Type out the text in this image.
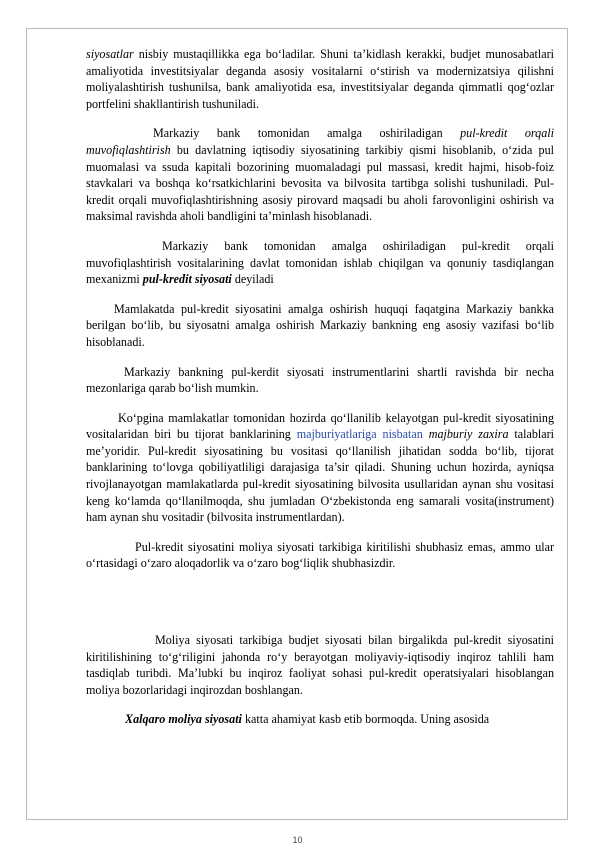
siyosatlar nisbiy mustaqillikka ega bo‘ladilar. Shuni ta’kidlash kerakki, budjet munosabatlari amaliyotida investitsiyalar deganda asosiy vositalarni o‘stirish va modernizatsiya qilishni moliyalashtirish tushunilsa, bank amaliyotida esa, investitsiyalar deganda qimmatli qog‘ozlar portfelini shakllantirish tushuniladi.

Markaziy bank tomonidan amalga oshiriladigan pul-kredit orqali muvofiqlashtirish bu davlatning iqtisodiy siyosatining tarkibiy qismi hisoblanib, o‘zida pul muomalasi va ssuda kapitali bozorining muomaladagi pul massasi, kredit hajmi, hisob-foiz stavkalari va boshqa ko‘rsatkichlarini bevosita va bilvosita tartibga solishi tushuniladi. Pul-kredit orqali muvofiqlashtirishning asosiy pirovard maqsadi bu aholi farovonligini oshirish va maksimal ravishda aholi bandligini ta’minlash hisoblanadi.

Markaziy bank tomonidan amalga oshiriladigan pul-kredit orqali muvofiqlashtirish vositalarining davlat tomonidan ishlab chiqilgan va qonuniy tasdiqlangan mexanizmi pul-kredit siyosati deyiladi

Mamlakatda pul-kredit siyosatini amalga oshirish huquqi faqatgina Markaziy bankka berilgan bo‘lib, bu siyosatni amalga oshirish Markaziy bankning eng asosiy vazifasi bo‘lib hisoblanadi.

Markaziy bankning pul-kerdit siyosati instrumentlarini shartli ravishda bir necha mezonlariga qarab bo‘lish mumkin.

Ko‘pgina mamlakatlar tomonidan hozirda qo‘llanilib kelayotgan pul-kredit siyosatining vositalaridan biri bu tijorat banklarining majburiyatlariga nisbatan majburiy zaxira talablari me’yoridir. Pul-kredit siyosatining bu vositasi qo‘llanilish jihatidan sodda bo‘lib, tijorat banklarining to‘lovga qobiliyatliligi darajasiga ta’sir qiladi. Shuning uchun hozirda, ayniqsa rivojlanayotgan mamlakatlarda pul-kredit siyosatining bilvosita usullaridan aynan shu vositasi keng ko‘lamda qo‘llanilmoqda, shu jumladan O‘zbekistonda eng samarali vosita(instrument) ham aynan shu vositadir (bilvosita instrumentlardan).

Pul-kredit siyosatini moliya siyosati tarkibiga kiritilishi shubhasiz emas, ammo ular o‘rtasidagi o‘zaro aloqadorlik va o‘zaro bog‘liqlik shubhasizdir.

Moliya siyosati tarkibiga budjet siyosati bilan birgalikda pul-kredit siyosatini kiritilishining to‘g‘riligini jahonda ro‘y berayotgan moliyaviy-iqtisodiy inqiroz tahlili ham tasdiqlab turibdi. Ma’lubki bu inqiroz faoliyat sohasi pul-kredit operatsiyalari hisoblangan moliya bozorlaridagi inqirozdan boshlangan.

Xalqaro moliya siyosati katta ahamiyat kasb etib bormoqda. Uning asosida

10
